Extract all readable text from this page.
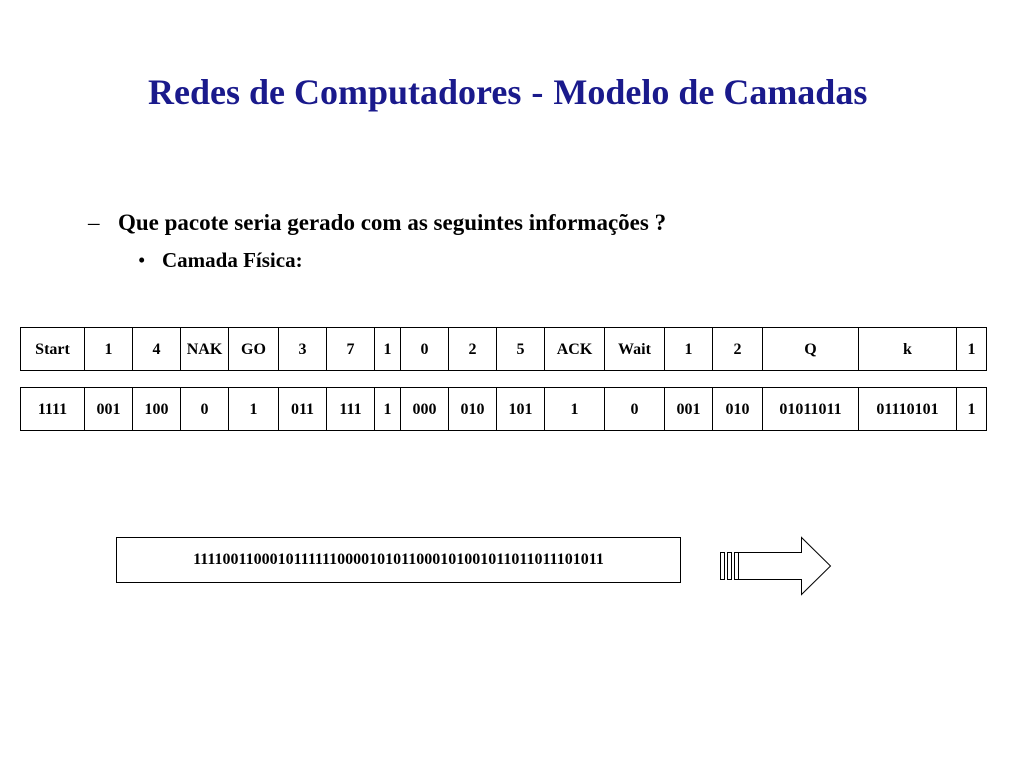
Redes de Computadores - Modelo de Camadas
– Que pacote seria gerado com as seguintes informações ?
• Camada Física:
Start	1	4	NAK	GO	3	7	1	0	2	5	ACK	Wait	1	2	Q	k	1
1111	001	100	0	1	011	111	1	000	010	101	1	0	001	010	01011011	01110101	1
11110011000101111110000101011000101001011011011101011
